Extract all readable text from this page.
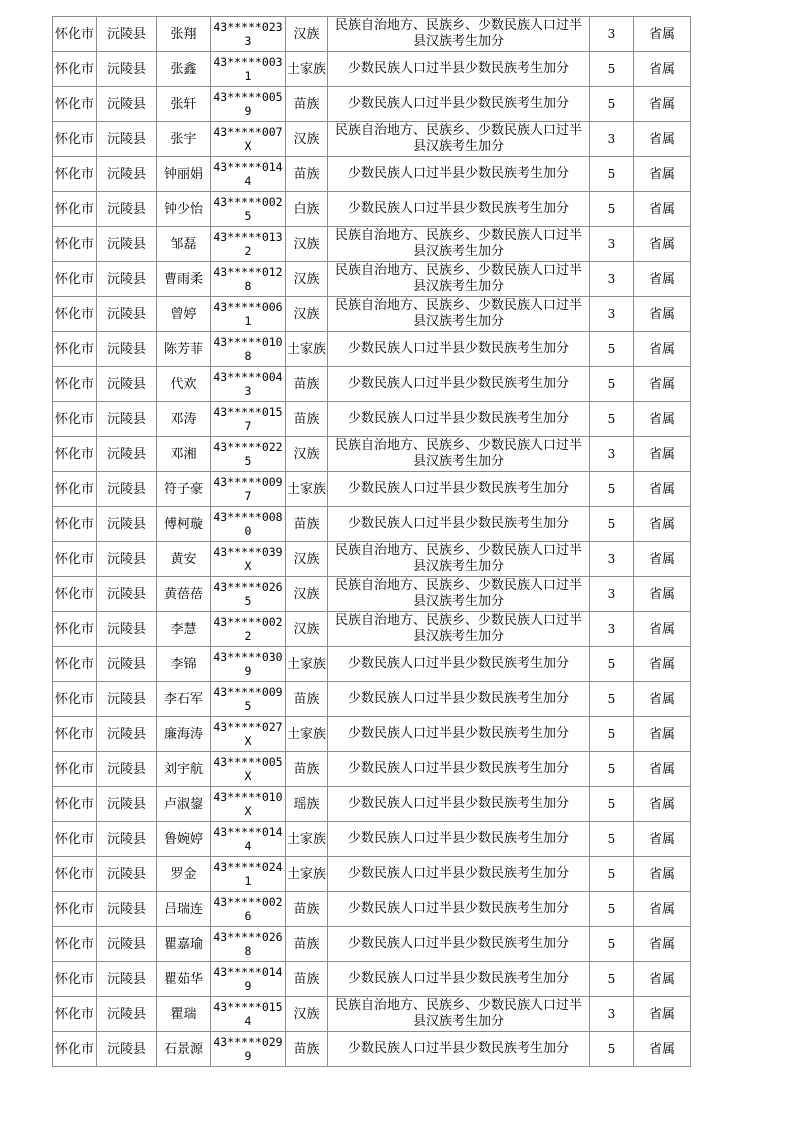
怀化市	沅陵县	张翔	43*****0233	汉族	民族自治地方、民族乡、少数民族人口过半县汉族考生加分	3	省属

怀化市	沅陵县	张鑫	43*****0031	土家族	少数民族人口过半县少数民族考生加分	5	省属

怀化市	沅陵县	张轩	43*****0059	苗族	少数民族人口过半县少数民族考生加分	5	省属

怀化市	沅陵县	张宇	43*****007X	汉族	民族自治地方、民族乡、少数民族人口过半县汉族考生加分	3	省属

怀化市	沅陵县	钟丽娟	43*****0144	苗族	少数民族人口过半县少数民族考生加分	5	省属

怀化市	沅陵县	钟少怡	43*****0025	白族	少数民族人口过半县少数民族考生加分	5	省属

怀化市	沅陵县	邹磊	43*****0132	汉族	民族自治地方、民族乡、少数民族人口过半县汉族考生加分	3	省属

怀化市	沅陵县	曹雨柔	43*****0128	汉族	民族自治地方、民族乡、少数民族人口过半县汉族考生加分	3	省属

怀化市	沅陵县	曾婷	43*****0061	汉族	民族自治地方、民族乡、少数民族人口过半县汉族考生加分	3	省属

怀化市	沅陵县	陈芳菲	43*****0108	土家族	少数民族人口过半县少数民族考生加分	5	省属

怀化市	沅陵县	代欢	43*****0043	苗族	少数民族人口过半县少数民族考生加分	5	省属

怀化市	沅陵县	邓涛	43*****0157	苗族	少数民族人口过半县少数民族考生加分	5	省属

怀化市	沅陵县	邓湘	43*****0225	汉族	民族自治地方、民族乡、少数民族人口过半县汉族考生加分	3	省属

怀化市	沅陵县	符子豪	43*****0097	土家族	少数民族人口过半县少数民族考生加分	5	省属

怀化市	沅陵县	傅柯璇	43*****0080	苗族	少数民族人口过半县少数民族考生加分	5	省属

怀化市	沅陵县	黄安	43*****039X	汉族	民族自治地方、民族乡、少数民族人口过半县汉族考生加分	3	省属

怀化市	沅陵县	黄蓓蓓	43*****0265	汉族	民族自治地方、民族乡、少数民族人口过半县汉族考生加分	3	省属

怀化市	沅陵县	李慧	43*****0022	汉族	民族自治地方、民族乡、少数民族人口过半县汉族考生加分	3	省属

怀化市	沅陵县	李锦	43*****0309	土家族	少数民族人口过半县少数民族考生加分	5	省属

怀化市	沅陵县	李石军	43*****0095	苗族	少数民族人口过半县少数民族考生加分	5	省属

怀化市	沅陵县	廉海涛	43*****027X	土家族	少数民族人口过半县少数民族考生加分	5	省属

怀化市	沅陵县	刘宇航	43*****005X	苗族	少数民族人口过半县少数民族考生加分	5	省属

怀化市	沅陵县	卢淑鋆	43*****010X	瑶族	少数民族人口过半县少数民族考生加分	5	省属

怀化市	沅陵县	鲁婉婷	43*****0144	土家族	少数民族人口过半县少数民族考生加分	5	省属

怀化市	沅陵县	罗金	43*****0241	土家族	少数民族人口过半县少数民族考生加分	5	省属

怀化市	沅陵县	吕瑞连	43*****0026	苗族	少数民族人口过半县少数民族考生加分	5	省属

怀化市	沅陵县	瞿嘉瑜	43*****0268	苗族	少数民族人口过半县少数民族考生加分	5	省属

怀化市	沅陵县	瞿茹华	43*****0149	苗族	少数民族人口过半县少数民族考生加分	5	省属

怀化市	沅陵县	瞿瑞	43*****0154	汉族	民族自治地方、民族乡、少数民族人口过半县汉族考生加分	3	省属

怀化市	沅陵县	石景源	43*****0299	苗族	少数民族人口过半县少数民族考生加分	5	省属
